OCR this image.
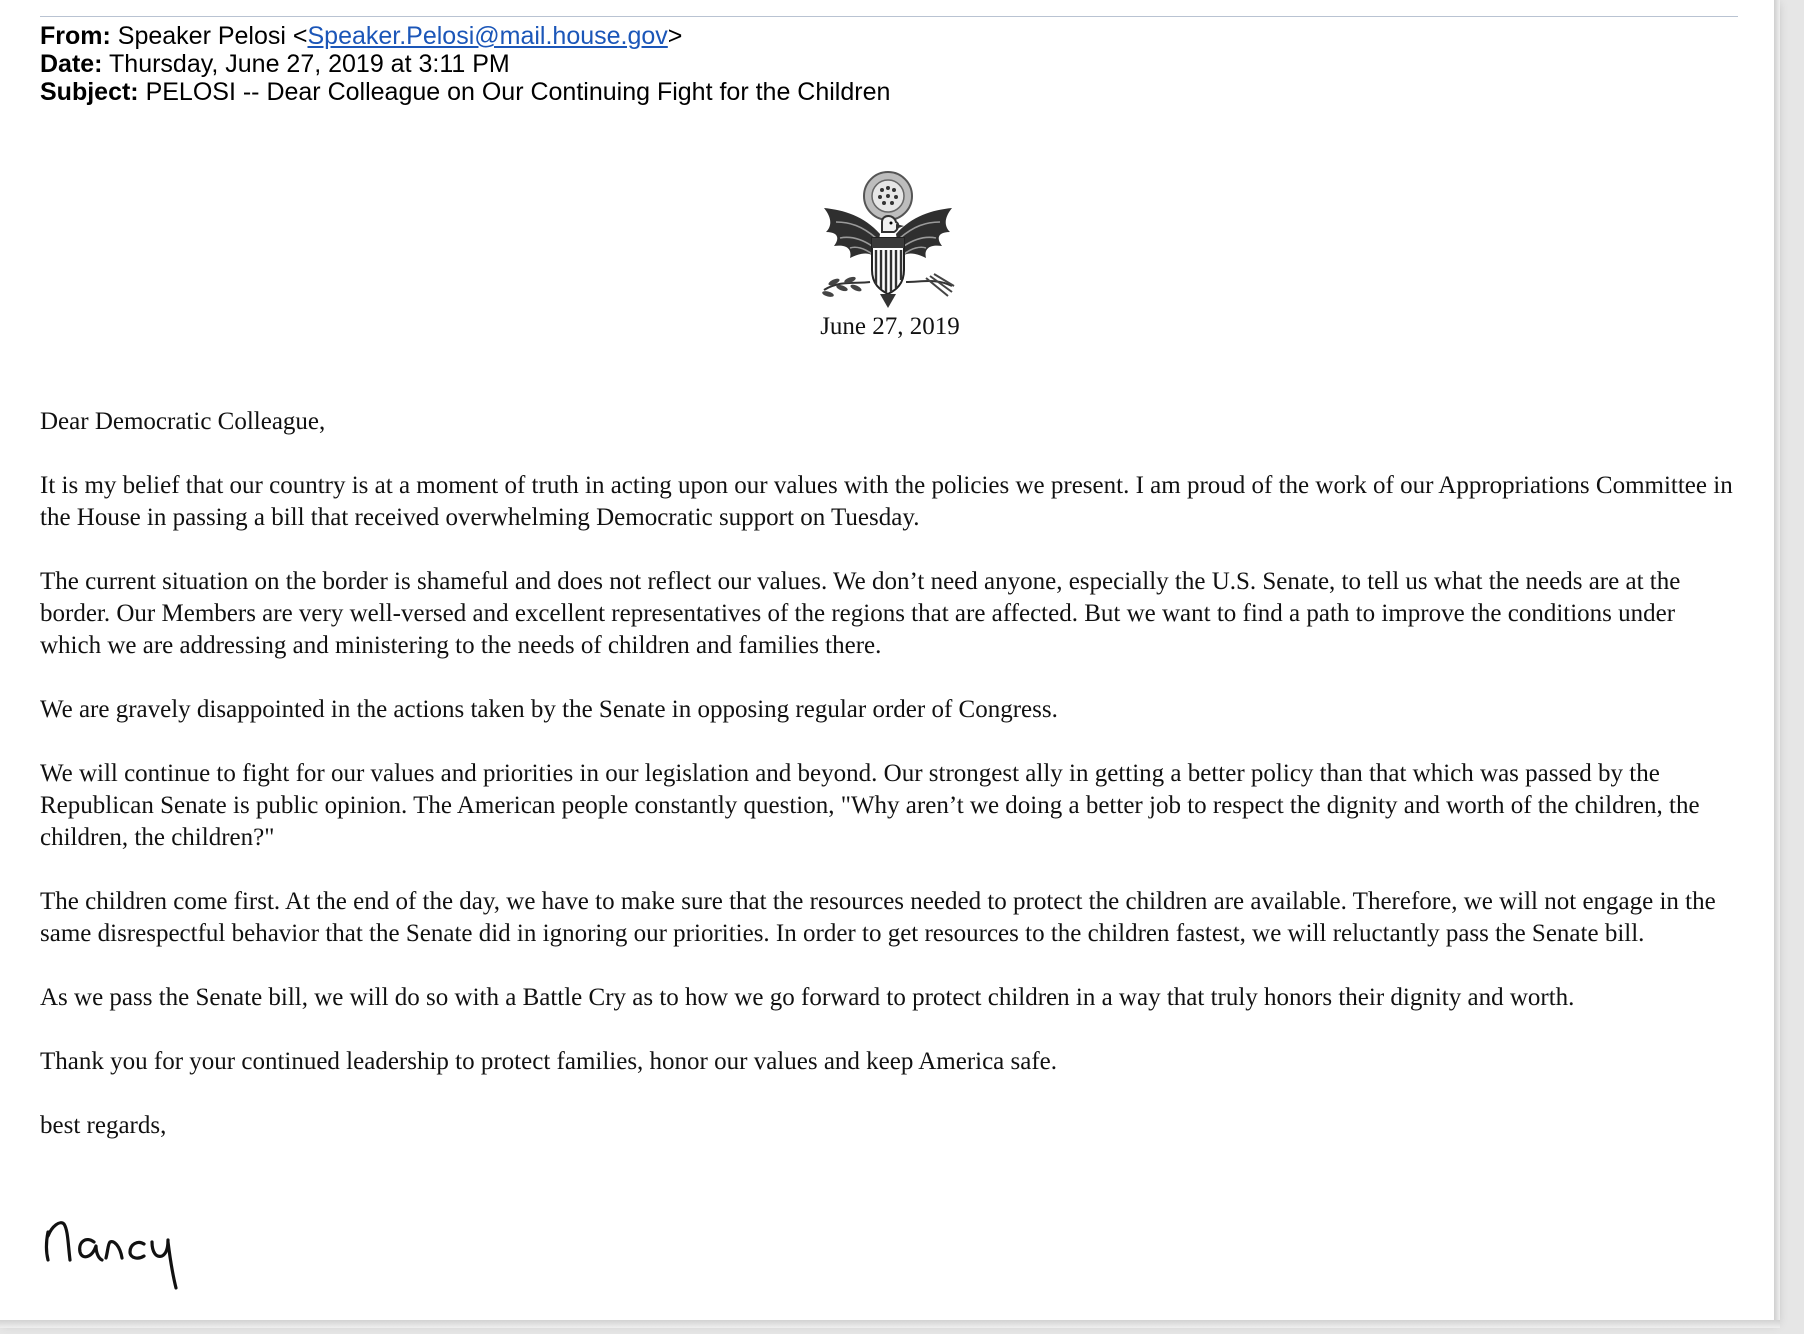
From: Speaker Pelosi <Speaker.Pelosi@mail.house.gov>
Date: Thursday, June 27, 2019 at 3:11 PM
Subject: PELOSI -- Dear Colleague on Our Continuing Fight for the Children
June 27, 2019

Dear Democratic Colleague,

It is my belief that our country is at a moment of truth in acting upon our values with the policies we present. I am proud of the work of our Appropriations Committee in the House in passing a bill that received overwhelming Democratic support on Tuesday.

The current situation on the border is shameful and does not reflect our values. We don’t need anyone, especially the U.S. Senate, to tell us what the needs are at the border. Our Members are very well-versed and excellent representatives of the regions that are affected. But we want to find a path to improve the conditions under which we are addressing and ministering to the needs of children and families there.

We are gravely disappointed in the actions taken by the Senate in opposing regular order of Congress.

We will continue to fight for our values and priorities in our legislation and beyond. Our strongest ally in getting a better policy than that which was passed by the Republican Senate is public opinion. The American people constantly question, "Why aren’t we doing a better job to respect the dignity and worth of the children, the children, the children?"

The children come first. At the end of the day, we have to make sure that the resources needed to protect the children are available. Therefore, we will not engage in the same disrespectful behavior that the Senate did in ignoring our priorities. In order to get resources to the children fastest, we will reluctantly pass the Senate bill.

As we pass the Senate bill, we will do so with a Battle Cry as to how we go forward to protect children in a way that truly honors their dignity and worth.

Thank you for your continued leadership to protect families, honor our values and keep America safe.

best regards,
